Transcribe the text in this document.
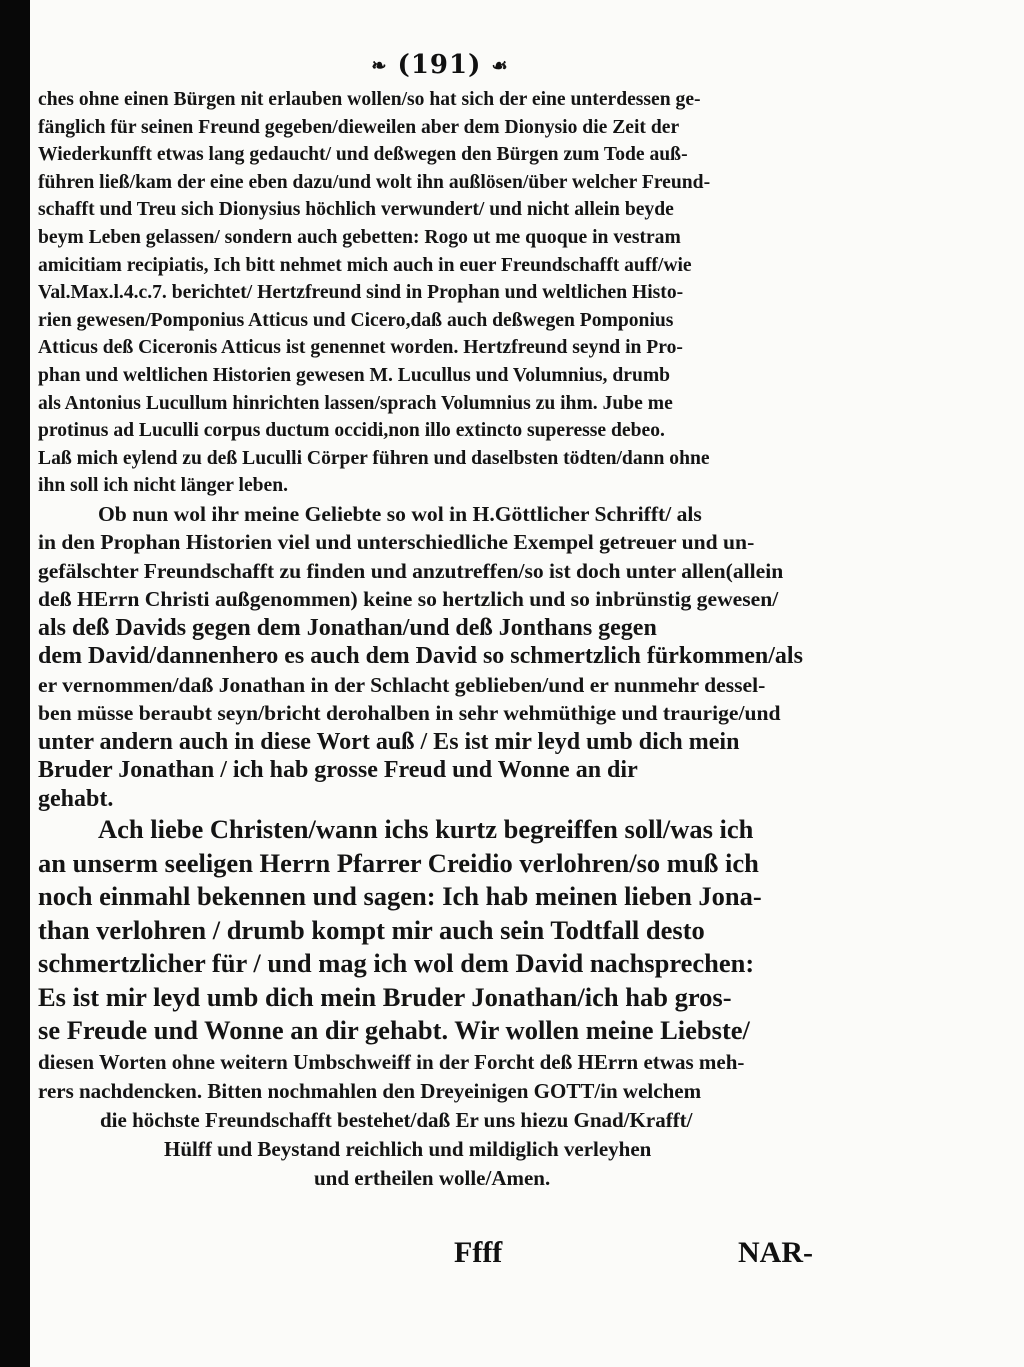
❧ (191) ☙
ches ohne einen Bürgen nit erlauben wollen/so hat sich der eine unterdessen ge-
fänglich für seinen Freund gegeben/dieweilen aber dem Dionysio die Zeit der
Wiederkunfft etwas lang gedaucht/ und deßwegen den Bürgen zum Tode auß-
führen ließ/kam der eine eben dazu/und wolt ihn außlösen/über welcher Freund-
schafft und Treu sich Dionysius höchlich verwundert/ und nicht allein beyde
beym Leben gelassen/ sondern auch gebetten: Rogo ut me quoque in vestram
amicitiam recipiatis, Ich bitt nehmet mich auch in euer Freundschafft auff/wie
Val.Max.l.4.c.7. berichtet/ Hertzfreund sind in Prophan und weltlichen Histo-
rien gewesen/Pomponius Atticus und Cicero,daß auch deßwegen Pomponius
Atticus deß Ciceronis Atticus ist genennet worden. Hertzfreund seynd in Pro-
phan und weltlichen Historien gewesen M. Lucullus und Volumnius, drumb
als Antonius Lucullum hinrichten lassen/sprach Volumnius zu ihm. Jube me
protinus ad Luculli corpus ductum occidi,non illo extincto superesse debeo.
Laß mich eylend zu deß Luculli Cörper führen und daselbsten tödten/dann ohne
ihn soll ich nicht länger leben.
Ob nun wol ihr meine Geliebte so wol in H.Göttlicher Schrifft/ als
in den Prophan Historien viel und unterschiedliche Exempel getreuer und un-
gefälschter Freundschafft zu finden und anzutreffen/so ist doch unter allen(allein
deß HErrn Christi außgenommen) keine so hertzlich und so inbrünstig gewesen/
als deß Davids gegen dem Jonathan/und deß Jonthans gegen
dem David/dannenhero es auch dem David so schmertzlich fürkommen/als
er vernommen/daß Jonathan in der Schlacht geblieben/und er nunmehr dessel-
ben müsse beraubt seyn/bricht derohalben in sehr wehmüthige und traurige/und
unter andern auch in diese Wort auß / Es ist mir leyd umb dich mein
Bruder Jonathan / ich hab grosse Freud und Wonne an dir
gehabt.
Ach liebe Christen/wann ichs kurtz begreiffen soll/was ich
an unserm seeligen Herrn Pfarrer Creidio verlohren/so muß ich
noch einmahl bekennen und sagen: Ich hab meinen lieben Jona-
than verlohren / drumb kompt mir auch sein Todtfall desto
schmertzlicher für / und mag ich wol dem David nachsprechen:
Es ist mir leyd umb dich mein Bruder Jonathan/ich hab gros-
se Freude und Wonne an dir gehabt. Wir wollen meine Liebste/
diesen Worten ohne weitern Umbschweiff in der Forcht deß HErrn etwas meh-
rers nachdencken. Bitten nochmahlen den Dreyeinigen GOTT/in welchem
die höchste Freundschafft bestehet/daß Er uns hiezu Gnad/Krafft/
Hülff und Beystand reichlich und mildiglich verleyhen
und ertheilen wolle/Amen.
Ffff	NAR-
